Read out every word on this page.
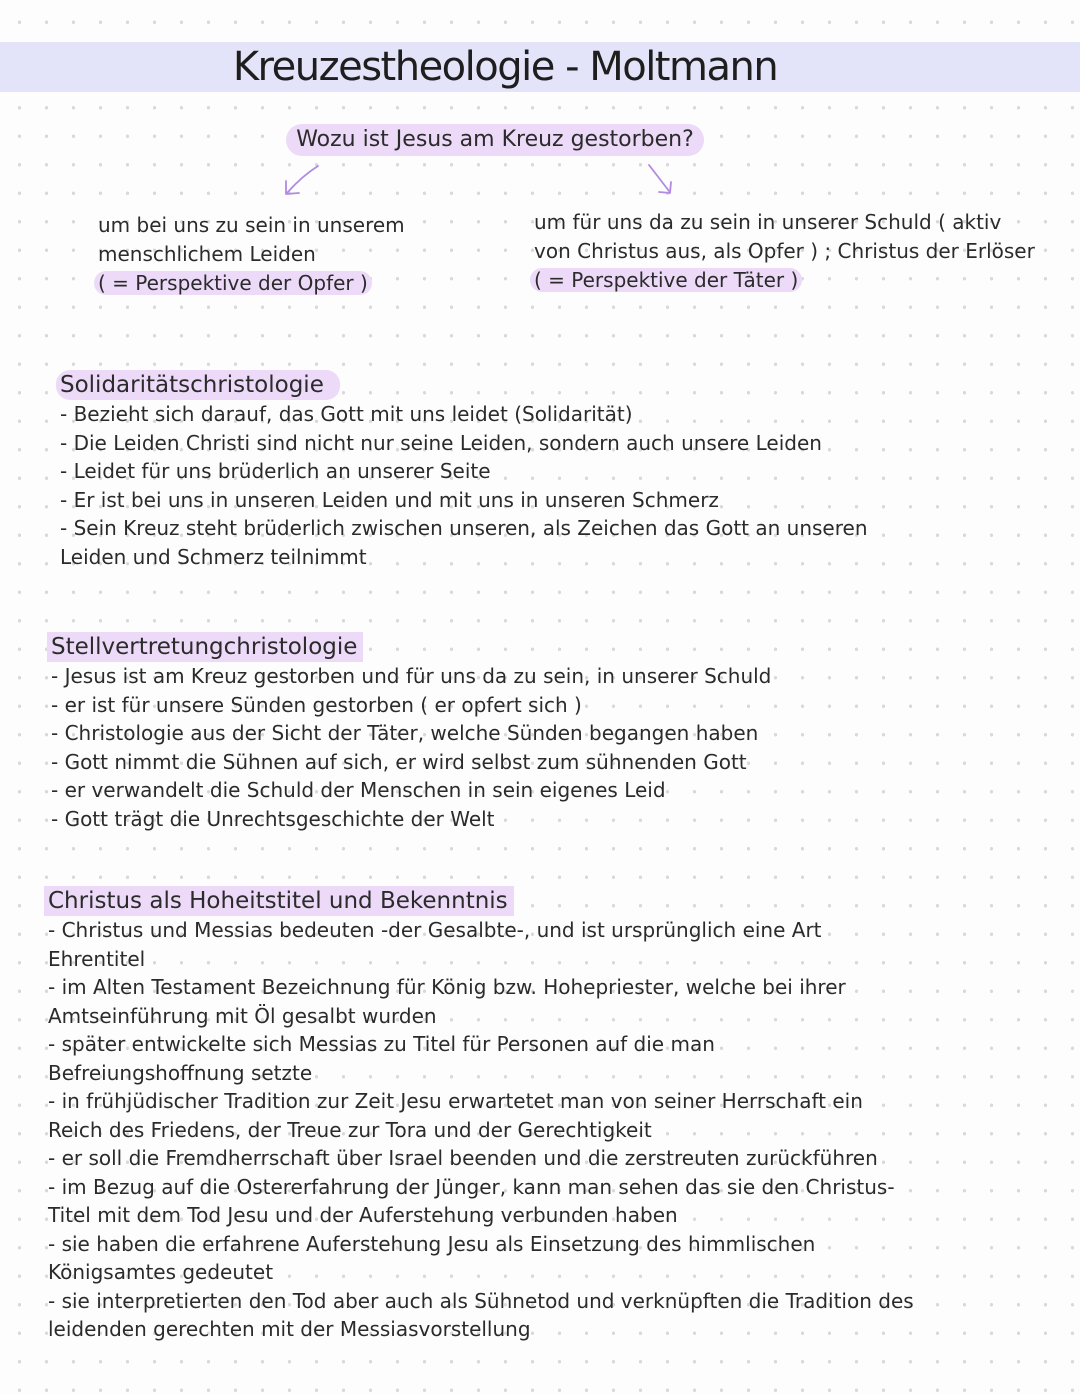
Kreuzestheologie - Moltmann
Wozu ist Jesus am Kreuz gestorben?

um bei uns zu sein in unserem

menschlichem Leiden

( = Perspektive der Opfer )

um für uns da zu sein in unserer Schuld ( aktiv

von Christus aus, als Opfer ) ; Christus der Erlöser

( = Perspektive der Täter )

Solidaritätschristologie
- Bezieht sich darauf, das Gott mit uns leidet (Solidarität)
- Die Leiden Christi sind nicht nur seine Leiden, sondern auch unsere Leiden
- Leidet für uns brüderlich an unserer Seite
- Er ist bei uns in unseren Leiden und mit uns in unseren Schmerz
- Sein Kreuz steht brüderlich zwischen unseren, als Zeichen das Gott an unseren
Leiden und Schmerz teilnimmt
Stellvertretungchristologie
- Jesus ist am Kreuz gestorben und für uns da zu sein, in unserer Schuld
- er ist für unsere Sünden gestorben ( er opfert sich )
- Christologie aus der Sicht der Täter, welche Sünden begangen haben
- Gott nimmt die Sühnen auf sich, er wird selbst zum sühnenden Gott
- er verwandelt die Schuld der Menschen in sein eigenes Leid
- Gott trägt die Unrechtsgeschichte der Welt
Christus als Hoheitstitel und Bekenntnis
- Christus und Messias bedeuten -der Gesalbte-, und ist ursprünglich eine Art
Ehrentitel
- im Alten Testament Bezeichnung für König bzw. Hohepriester, welche bei ihrer
Amtseinführung mit Öl gesalbt wurden
- später entwickelte sich Messias zu Titel für Personen auf die man
Befreiungshoffnung setzte
- in frühjüdischer Tradition zur Zeit Jesu erwartetet man von seiner Herrschaft ein
Reich des Friedens, der Treue zur Tora und der Gerechtigkeit
- er soll die Fremdherrschaft über Israel beenden und die zerstreuten zurückführen
- im Bezug auf die Ostererfahrung der Jünger, kann man sehen das sie den Christus-
Titel mit dem Tod Jesu und der Auferstehung verbunden haben
- sie haben die erfahrene Auferstehung Jesu als Einsetzung des himmlischen
Königsamtes gedeutet
- sie interpretierten den Tod aber auch als Sühnetod und verknüpften die Tradition des
leidenden gerechten mit der Messiasvorstellung
